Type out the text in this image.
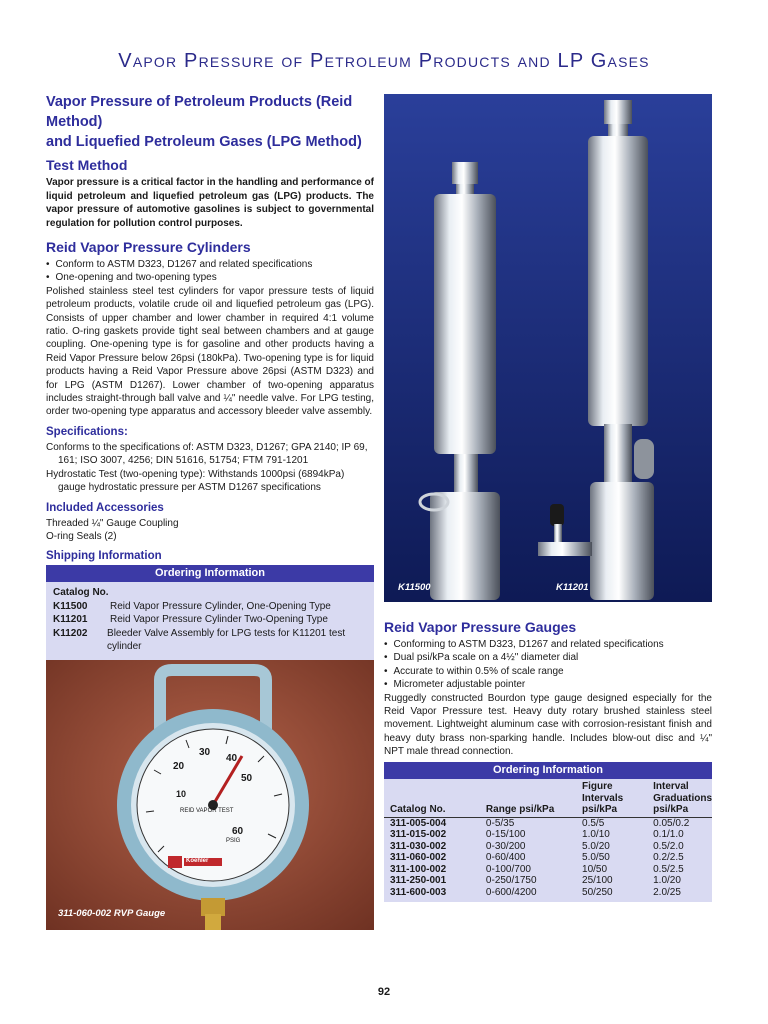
Vapor Pressure of Petroleum Products and LP Gases

Vapor Pressure of Petroleum Products (Reid Method)

and Liquefied Petroleum Gases (LPG Method)

Test Method

Vapor pressure is a critical factor in the handling and performance of liquid petroleum and liquefied petroleum gas (LPG) products. The vapor pressure of automotive gasolines is subject to governmental regulation for pollution control purposes.

Reid Vapor Pressure Cylinders

• Conform to ASTM D323, D1267 and related specifications
• One-opening and two-opening types

Polished stainless steel test cylinders for vapor pressure tests of liquid petroleum products, volatile crude oil and liquefied petroleum gas (LPG). Consists of upper chamber and lower chamber in required 4:1 volume ratio. O-ring gaskets provide tight seal between chambers and at gauge coupling. One-opening type is for gasoline and other products having a Reid Vapor Pressure below 26psi (180kPa). Two-opening type is for liquid products having a Reid Vapor Pressure above 26psi (ASTM D323) and for LPG (ASTM D1267). Lower chamber of two-opening apparatus includes straight-through ball valve and ¼" needle valve. For LPG testing, order two-opening type apparatus and accessory bleeder valve assembly.

Specifications:

Conforms to the specifications of: ASTM D323, D1267; GPA 2140; IP 69, 161; ISO 3007, 4256; DIN 51616, 51754; FTM 791-1201

Hydrostatic Test (two-opening type): Withstands 1000psi (6894kPa) gauge hydrostatic pressure per ASTM D1267 specifications

Included Accessories

Threaded ¼" Gauge Coupling

O-ring Seals (2)

Shipping Information

Ordering Information
Catalog No.
K11500	Reid Vapor Pressure Cylinder, One-Opening Type
K11201	Reid Vapor Pressure Cylinder Two-Opening Type
K11202	Bleeder Valve Assembly for LPG tests for K11201 test cylinder
K11500	K11201
311-060-002 RVP Gauge
10
20
30
40
50
60
REID VAPOR TEST
PSIG
Koehler

Reid Vapor Pressure Gauges

• Conforming to ASTM D323, D1267 and related specifications
• Dual psi/kPa scale on a 4½" diameter dial
• Accurate to within 0.5% of scale range
• Micrometer adjustable pointer

Ruggedly constructed Bourdon type gauge designed especially for the Reid Vapor Pressure test. Heavy duty rotary brushed stainless steel movement. Lightweight aluminum case with corrosion-resistant finish and heavy duty brass non-sparking handle. Includes blow-out disc and ¼" NPT male thread connection.

Ordering Information
Catalog No.	Range psi/kPa	Figure Intervals psi/kPa	Interval Graduations psi/kPa
311-005-004	0-5/35	0.5/5	0.05/0.2
311-015-002	0-15/100	1.0/10	0.1/1.0
311-030-002	0-30/200	5.0/20	0.5/2.0
311-060-002	0-60/400	5.0/50	0.2/2.5
311-100-002	0-100/700	10/50	0.5/2.5
311-250-001	0-250/1750	25/100	1.0/20
311-600-003	0-600/4200	50/250	2.0/25
92
